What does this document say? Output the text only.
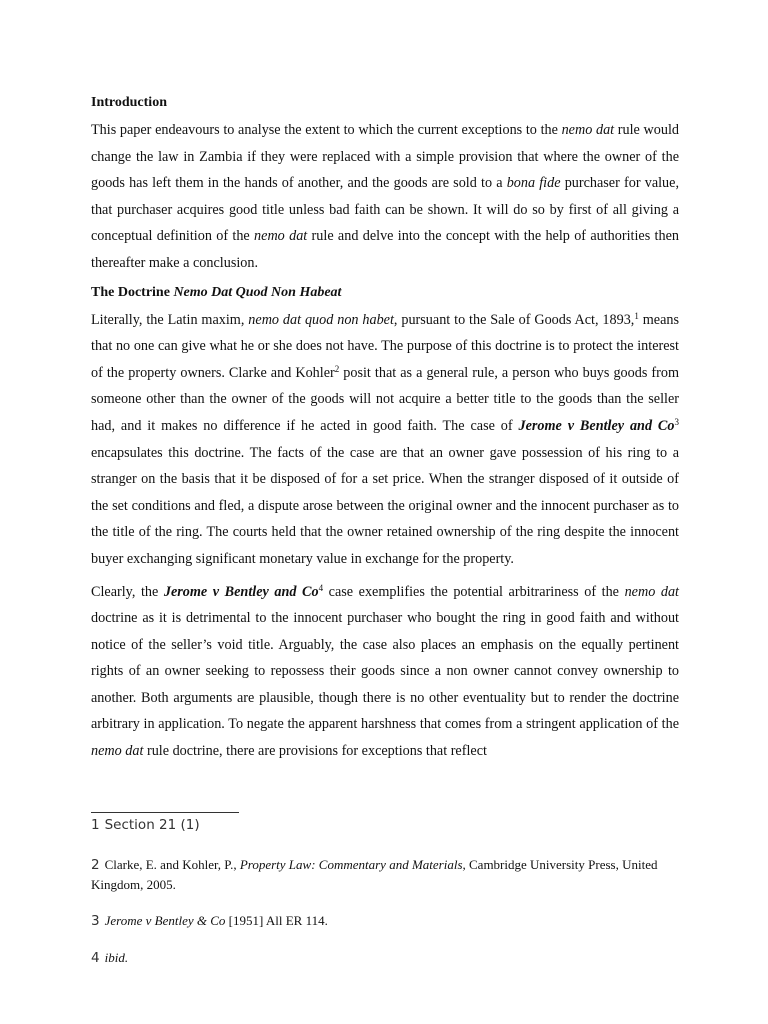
Introduction

This paper endeavours to analyse the extent to which the current exceptions to the nemo dat rule would change the law in Zambia if they were replaced with a simple provision that where the owner of the goods has left them in the hands of another, and the goods are sold to a bona fide purchaser for value, that purchaser acquires good title unless bad faith can be shown. It will do so by first of all giving a conceptual definition of the nemo dat rule and delve into the concept with the help of authorities then thereafter make a conclusion.

The Doctrine Nemo Dat Quod Non Habeat

Literally, the Latin maxim, nemo dat quod non habet, pursuant to the Sale of Goods Act, 1893,$^1$ means that no one can give what he or she does not have. The purpose of this doctrine is to protect the interest of the property owners. Clarke and Kohler$^2$ posit that as a general rule, a person who buys goods from someone other than the owner of the goods will not acquire a better title to the goods than the seller had, and it makes no difference if he acted in good faith. The case of Jerome v Bentley and Co$^3$ encapsulates this doctrine. The facts of the case are that an owner gave possession of his ring to a stranger on the basis that it be disposed of for a set price. When the stranger disposed of it outside of the set conditions and fled, a dispute arose between the original owner and the innocent purchaser as to the title of the ring. The courts held that the owner retained ownership of the ring despite the innocent buyer exchanging significant monetary value in exchange for the property.

Clearly, the Jerome v Bentley and Co$^4$ case exemplifies the potential arbitrariness of the nemo dat doctrine as it is detrimental to the innocent purchaser who bought the ring in good faith and without notice of the seller’s void title. Arguably, the case also places an emphasis on the equally pertinent rights of an owner seeking to repossess their goods since a non owner cannot convey ownership to another. Both arguments are plausible, though there is no other eventuality but to render the doctrine arbitrary in application. To negate the apparent harshness that comes from a stringent application of the nemo dat rule doctrine, there are provisions for exceptions that reflect

1 Section 21 (1)
2 Clarke, E. and Kohler, P., Property Law: Commentary and Materials, Cambridge University Press, United Kingdom, 2005.
3 Jerome v Bentley & Co [1951] All ER 114.
4 ibid.
